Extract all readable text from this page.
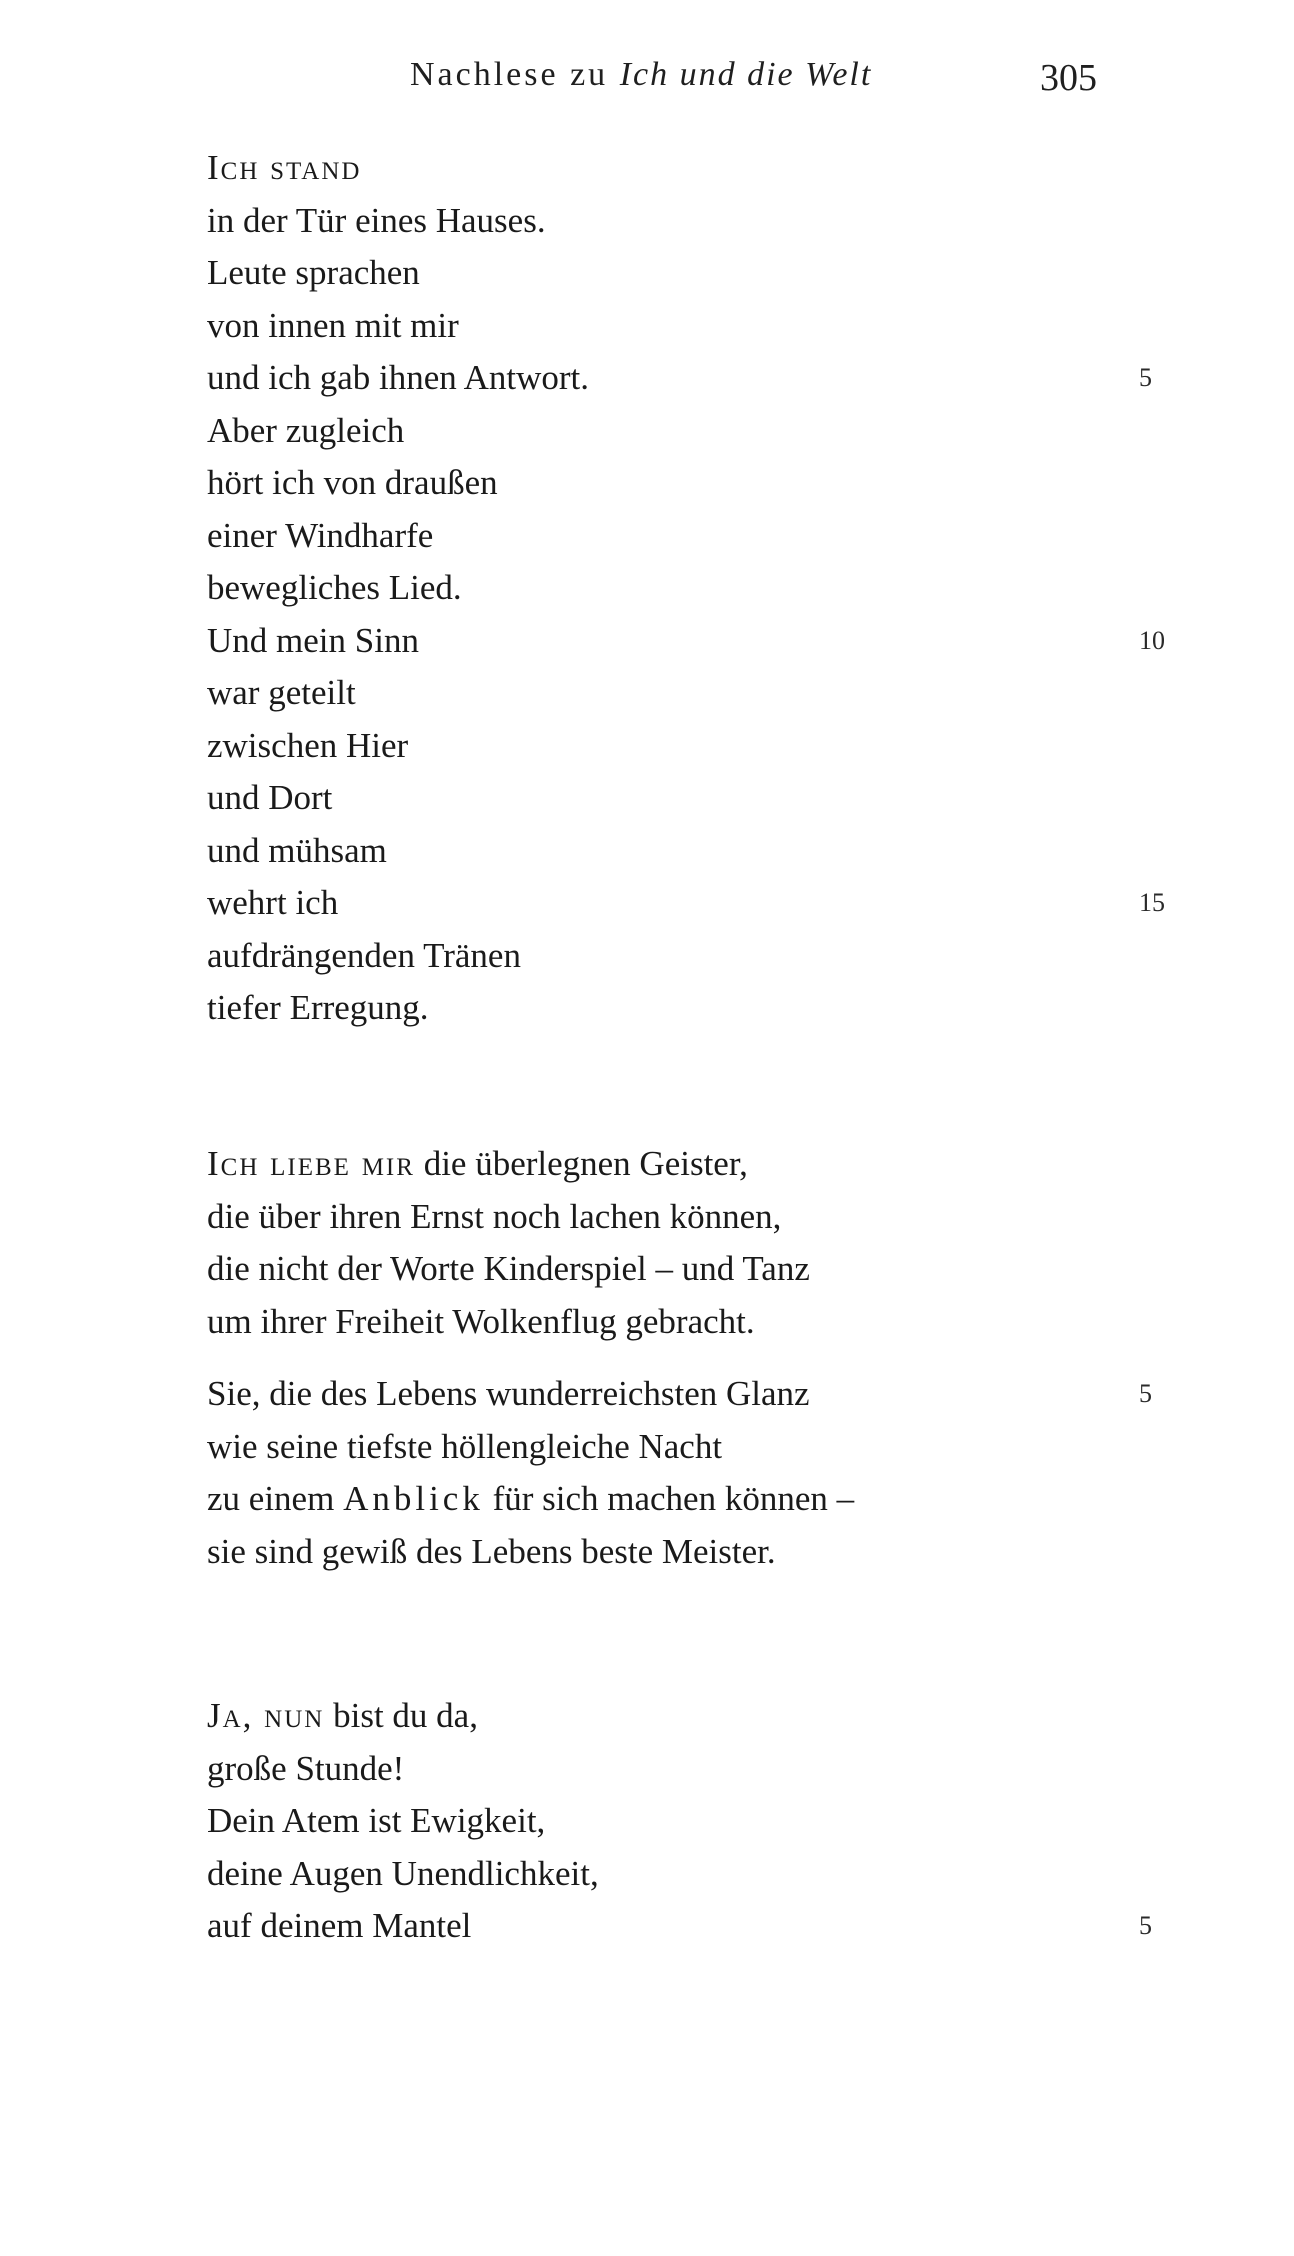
Nachlese zu Ich und die Welt	305
Ich stand
in der Tür eines Hauses.
Leute sprachen
von innen mit mir
und ich gab ihnen Antwort.	5
Aber zugleich
hört ich von draußen
einer Windharfe
bewegliches Lied.
Und mein Sinn	10
war geteilt
zwischen Hier
und Dort
und mühsam
wehrt ich	15
aufdrängenden Tränen
tiefer Erregung.
Ich liebe mir die überlegnen Geister,
die über ihren Ernst noch lachen können,
die nicht der Worte Kinderspiel – und Tanz
um ihrer Freiheit Wolkenflug gebracht.
Sie, die des Lebens wunderreichsten Glanz	5
wie seine tiefste höllengleiche Nacht
zu einem Anblick für sich machen können –
sie sind gewiß des Lebens beste Meister.
Ja, nun bist du da,
große Stunde!
Dein Atem ist Ewigkeit,
deine Augen Unendlichkeit,
auf deinem Mantel	5
